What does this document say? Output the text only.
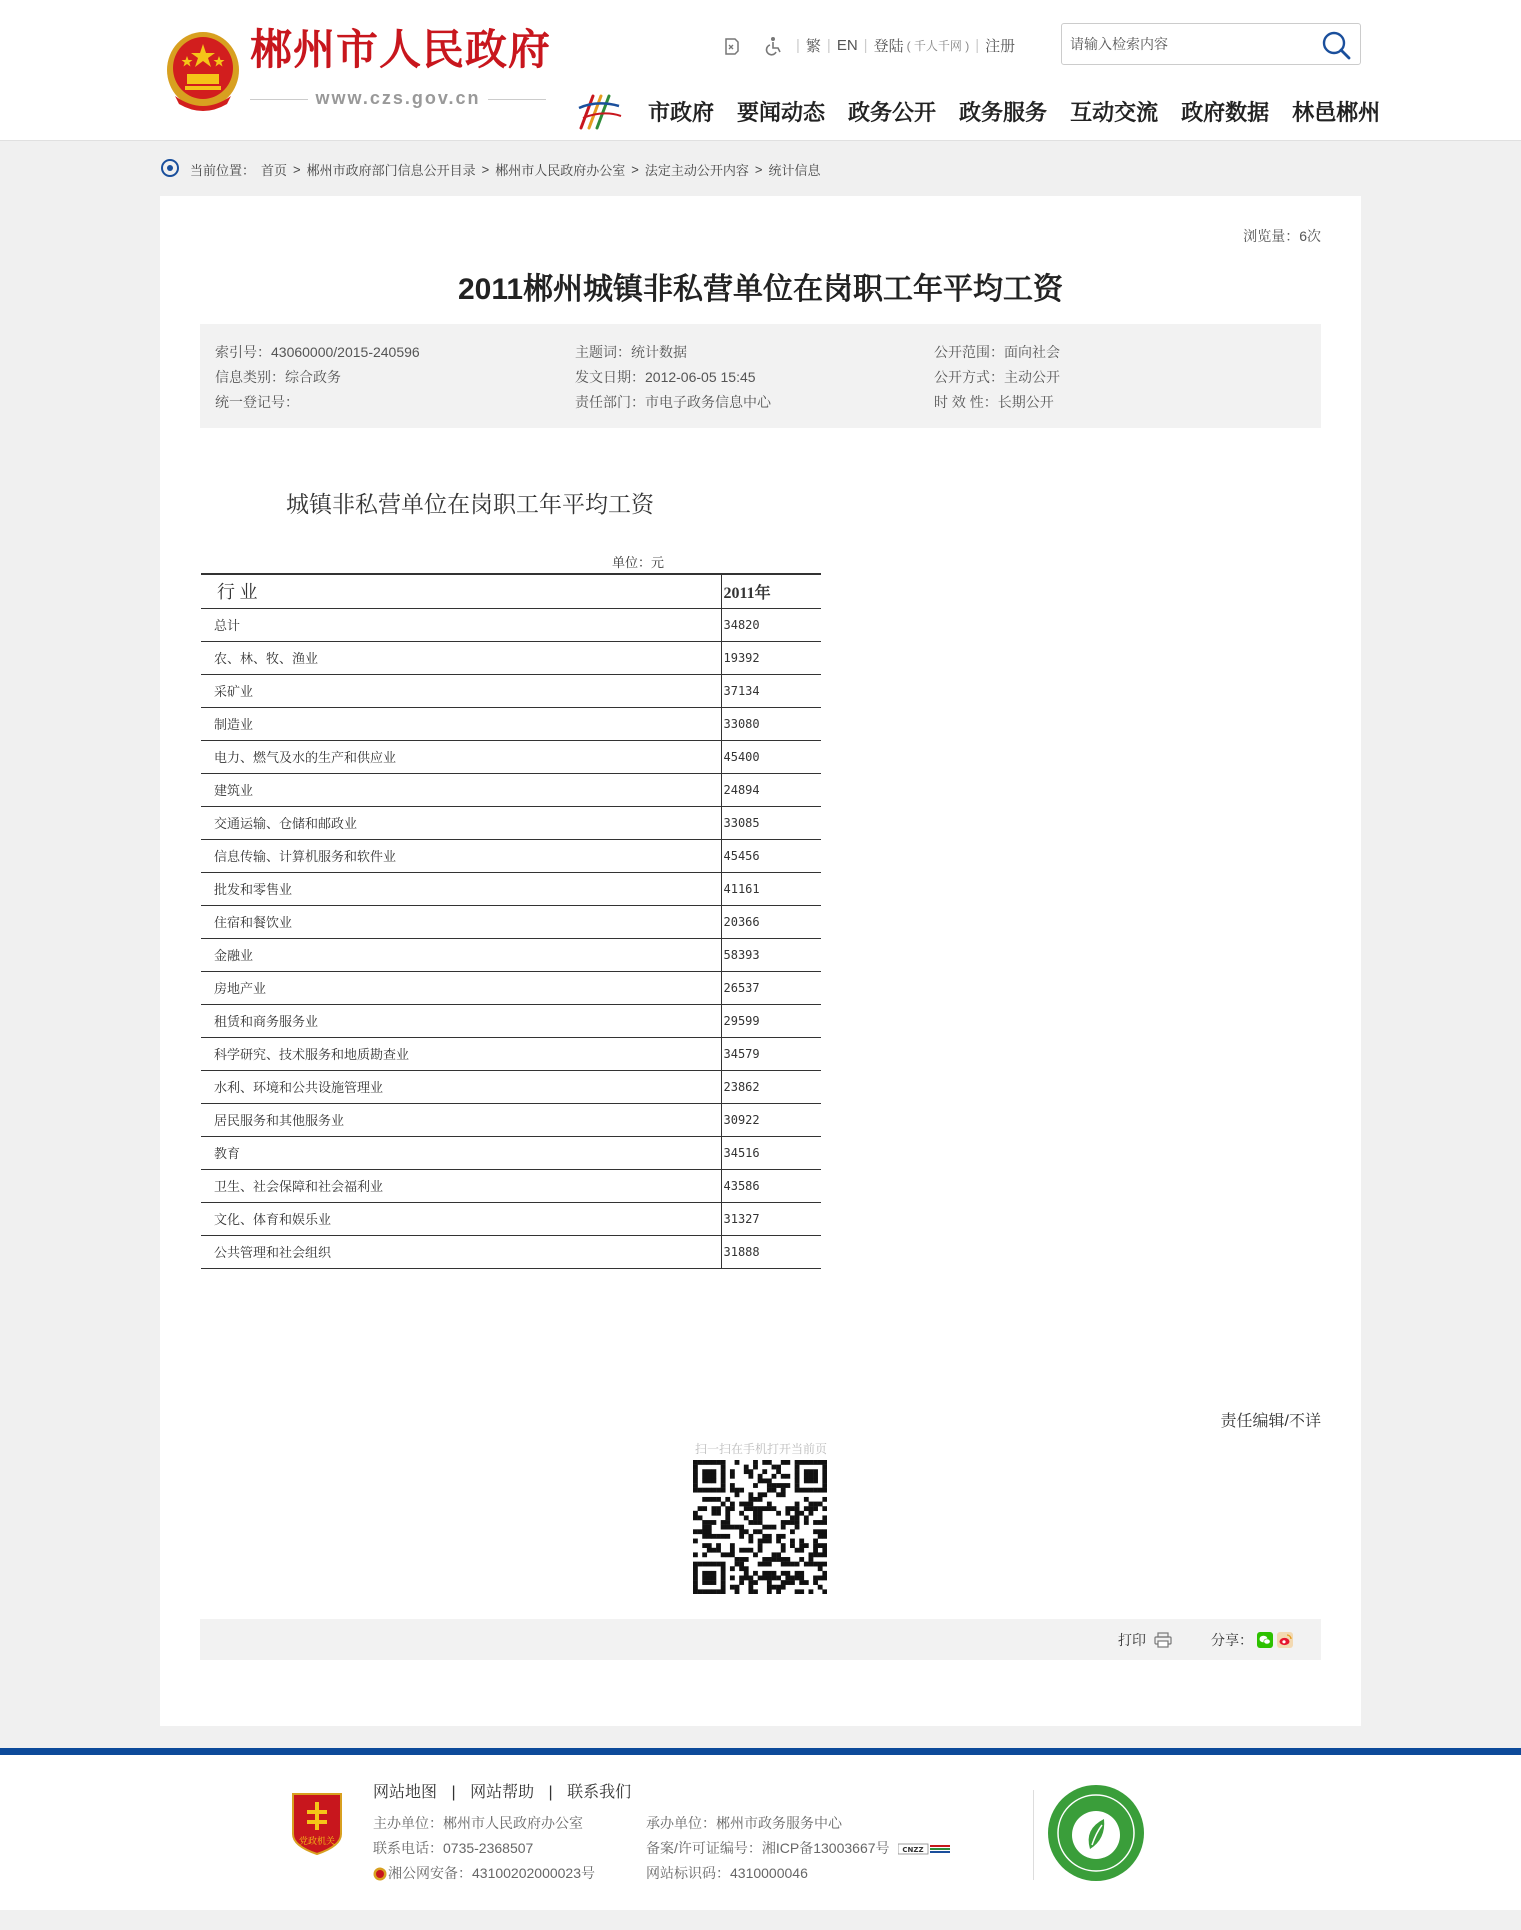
郴州市人民政府
www.czs.gov.cn
| 繁 | EN | 登陆 ( 千人千网 ) | 注册
请输入检索内容
市政府 要闻动态 政务公开 政务服务 互动交流 政府数据 林邑郴州
当前位置： 首页 > 郴州市政府部门信息公开目录 > 郴州市人民政府办公室 > 法定主动公开内容 > 统计信息
浏览量：6次
2011郴州城镇非私营单位在岗职工年平均工资
索引号：43060000/2015-240596
信息类别：综合政务
统一登记号：
主题词：统计数据
发文日期：2012-06-05 15:45
责任部门：市电子政务信息中心
公开范围：面向社会
公开方式：主动公开
时 效 性：长期公开
城镇非私营单位在岗职工年平均工资
单位：元
行 业	2011年
总计	34820
农、林、牧、渔业	19392
采矿业	37134
制造业	33080
电力、燃气及水的生产和供应业	45400
建筑业	24894
交通运输、仓储和邮政业	33085
信息传输、计算机服务和软件业	45456
批发和零售业	41161
住宿和餐饮业	20366
金融业	58393
房地产业	26537
租赁和商务服务业	29599
科学研究、技术服务和地质勘查业	34579
水利、环境和公共设施管理业	23862
居民服务和其他服务业	30922
教育	34516
卫生、社会保障和社会福利业	43586
文化、体育和娱乐业	31327
公共管理和社会组织	31888
责任编辑/不详
扫一扫在手机打开当前页
打印	分享：
党政机关
网站地图 | 网站帮助 | 联系我们
主办单位：郴州市人民政府办公室
联系电话：0735-2368507
湘公网安备：43100202000023号
承办单位：郴州市政务服务中心
备案/许可证编号：湘ICP备13003667号 CNZZ
网站标识码：4310000046
